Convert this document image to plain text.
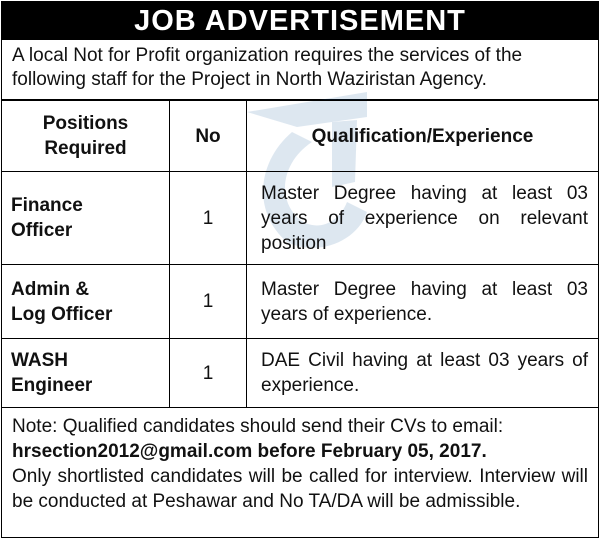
JOB ADVERTISEMENT
A local Not for Profit organization requires the services of the following staff for the Project in North Waziristan Agency.
Positions
Required	No	Qualification/Experience

Finance
Officer	1	Master Degree having at least 03 years of experience on relevant position

Admin &
Log Officer	1	Master Degree having at least 03 years of experience.

WASH
Engineer	1	DAE Civil having at least 03 years of experience.
Note: Qualified candidates should send their CVs to email:
hrsection2012@gmail.com before February 05, 2017.
Only shortlisted candidates will be called for interview. Interview will be conducted at Peshawar and No TA/DA will be admissible.
